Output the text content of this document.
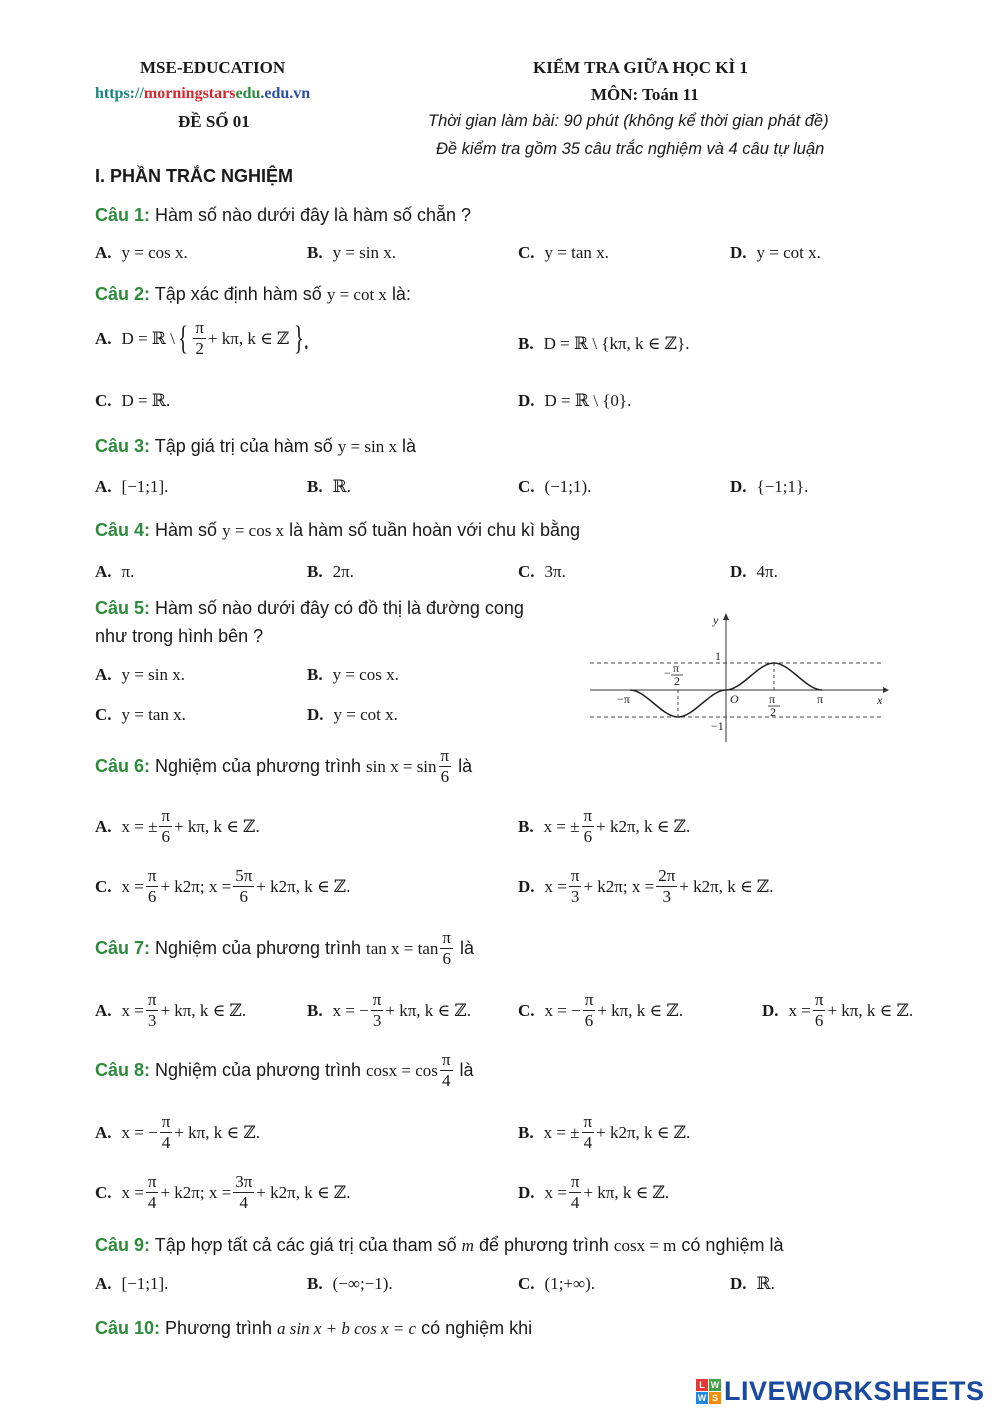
MSE-EDUCATION
https://morningstarsedu.edu.vn
ĐỀ SỐ 01
KIỂM TRA GIỮA HỌC KÌ 1
MÔN: Toán 11
Thời gian làm bài: 90 phút (không kể thời gian phát đề)
Đề kiểm tra gồm 35 câu trắc nghiệm và 4 câu tự luận
I. PHẦN TRẮC NGHIỆM
Câu 1: Hàm số nào dưới đây là hàm số chẵn ?
A. y = cos x.	B. y = sin x.	C. y = tan x.	D. y = cot x.
Câu 2: Tập xác định hàm số y = cot x là:
A. D = ℝ \ { $\frac{\pi}{2} + k\pi$, k ∈ ℤ }.	B. D = ℝ \ {kπ, k ∈ ℤ}.
C. D = ℝ.	D. D = ℝ \ {0}.
Câu 3: Tập giá trị của hàm số y = sin x là
A. [−1;1].	B. ℝ.	C. (−1;1).	D. {−1;1}.
Câu 4: Hàm số y = cos x là hàm số tuần hoàn với chu kì bằng
A. π.	B. 2π.	C. 3π.	D. 4π.
Câu 5: Hàm số nào dưới đây có đồ thị là đường cong
như trong hình bên ?
A. y = sin x.	B. y = cos x.
C. y = tan x.	D. y = cot x.
y
x
1
−1
O
−π	π
π
2
− π
2
Câu 6:
Nghiệm của phương trình
$\sin x = \sin \frac{\pi}{6}$
là
A. x = ± $\frac{\pi}{6} + k\pi$, k ∈ ℤ.	B. x = ± $\frac{\pi}{6} + k2\pi$, k ∈ ℤ.
C. $x = \frac{\pi}{6} + k2\pi$; $x = \frac{5\pi}{6} + k2\pi$, k ∈ ℤ.	D. $x = \frac{\pi}{3} + k2\pi$; $x = \frac{2\pi}{3} + k2\pi$, k ∈ ℤ.
Câu 7:
Nghiệm của phương trình
$\tan x = \tan \frac{\pi}{6}$
là
A. $x = \frac{\pi}{3} + k\pi$, k ∈ ℤ.	B. x = − $\frac{\pi}{3} + k\pi$, k ∈ ℤ.	C. x = − $\frac{\pi}{6} + k\pi$, k ∈ ℤ.	D. $x = \frac{\pi}{6} + k\pi$, k ∈ ℤ.
Câu 8:
Nghiệm của phương trình
$\cos x = \cos \frac{\pi}{4}$
là
A. x = − $\frac{\pi}{4} + k\pi$, k ∈ ℤ.	B. x = ± $\frac{\pi}{4} + k2\pi$, k ∈ ℤ.
C. $x = \frac{\pi}{4} + k2\pi$; $x = \frac{3\pi}{4} + k2\pi$, k ∈ ℤ.	D. $x = \frac{\pi}{4} + k\pi$, k ∈ ℤ.
Câu 9: Tập hợp tất cả các giá trị của tham số m để phương trình cosx = m có nghiệm là
A. [−1;1].	B. (−∞;−1).	C. (1;+∞).	D. ℝ.
Câu 10: Phương trình a sin x + b cos x = c có nghiệm khi
L W
W S LIVEWORKSHEETS
